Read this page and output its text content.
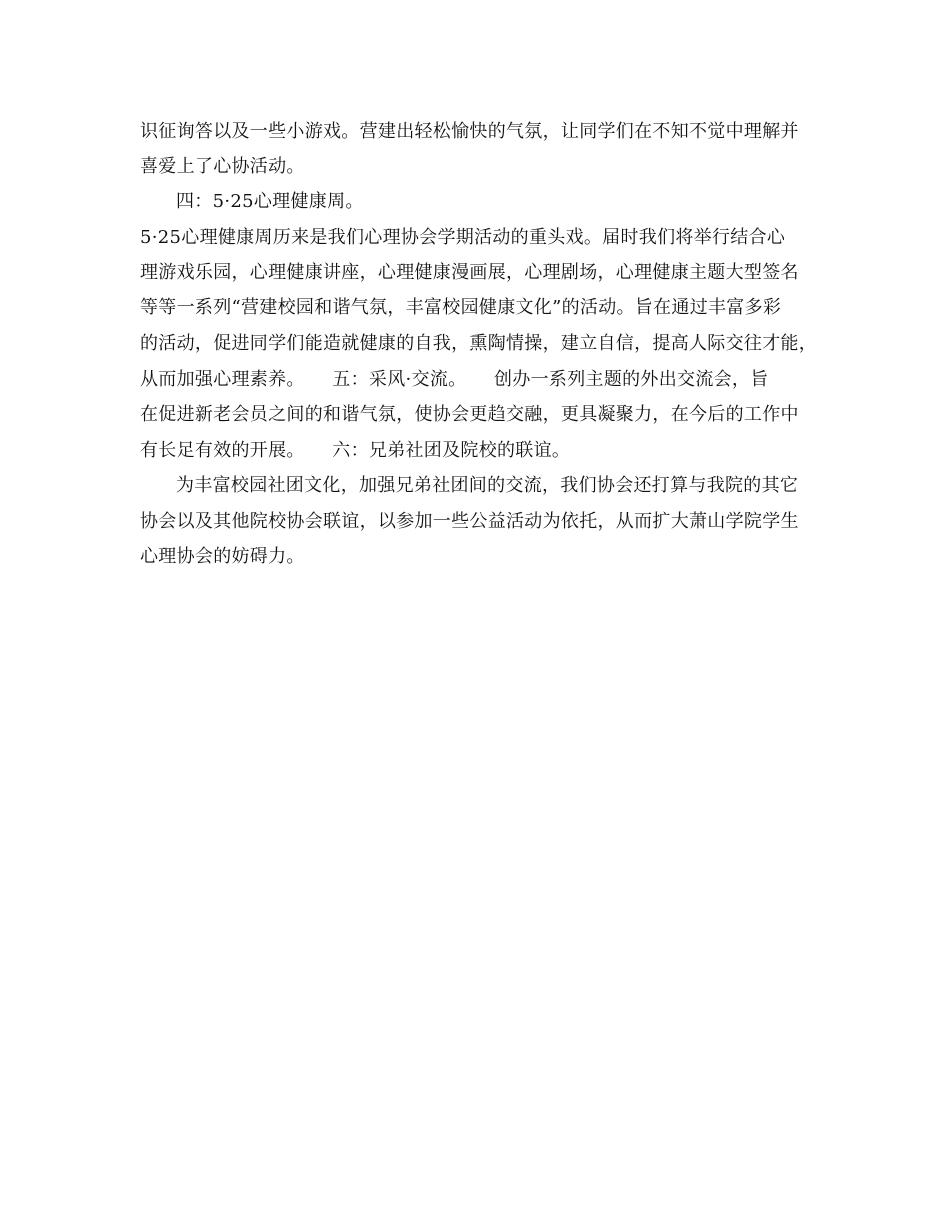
识征询答以及一些小游戏。营建出轻松愉快的气氛，让同学们在不知不觉中理解并
喜爱上了心协活动。
四：5·25心理健康周。
5·25心理健康周历来是我们心理协会学期活动的重头戏。届时我们将举行结合心
理游戏乐园，心理健康讲座，心理健康漫画展，心理剧场，心理健康主题大型签名
等等一系列“营建校园和谐气氛，丰富校园健康文化”的活动。旨在通过丰富多彩
的活动，促进同学们能造就健康的自我，熏陶情操，建立自信，提高人际交往才能，
从而加强心理素养。　　五：采风·交流。　　创办一系列主题的外出交流会，旨
在促进新老会员之间的和谐气氛，使协会更趋交融，更具凝聚力，在今后的工作中
有长足有效的开展。　　六：兄弟社团及院校的联谊。
为丰富校园社团文化，加强兄弟社团间的交流，我们协会还打算与我院的其它
协会以及其他院校协会联谊，以参加一些公益活动为依托，从而扩大萧山学院学生
心理协会的妨碍力。
